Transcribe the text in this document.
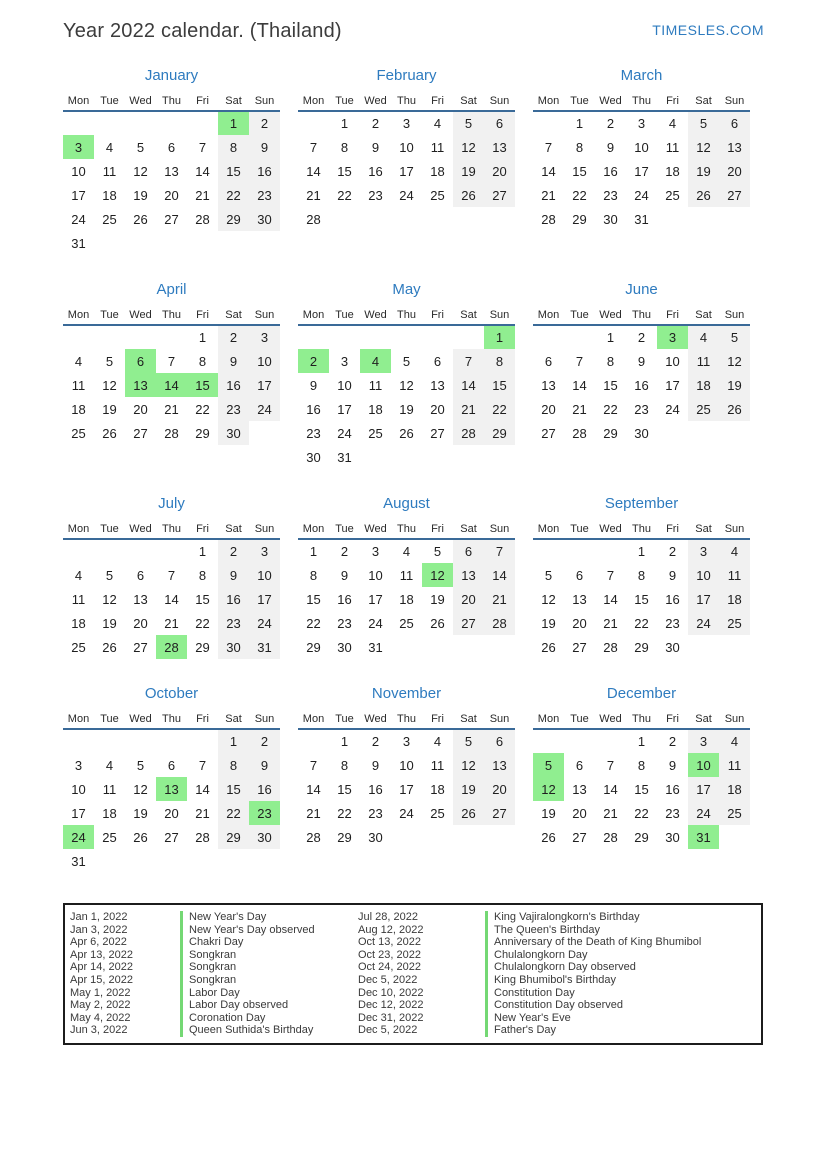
Year 2022 calendar. (Thailand)	TIMESLES.COM
January
Mon	Tue	Wed	Thu	Fri	Sat	Sun
					1	2
3	4	5	6	7	8	9
10	11	12	13	14	15	16
17	18	19	20	21	22	23
24	25	26	27	28	29	30
31						
February
Mon	Tue	Wed	Thu	Fri	Sat	Sun
	1	2	3	4	5	6
7	8	9	10	11	12	13
14	15	16	17	18	19	20
21	22	23	24	25	26	27
28						
March
Mon	Tue	Wed	Thu	Fri	Sat	Sun
	1	2	3	4	5	6
7	8	9	10	11	12	13
14	15	16	17	18	19	20
21	22	23	24	25	26	27
28	29	30	31			
April
Mon	Tue	Wed	Thu	Fri	Sat	Sun
				1	2	3
4	5	6	7	8	9	10
11	12	13	14	15	16	17
18	19	20	21	22	23	24
25	26	27	28	29	30	
May
Mon	Tue	Wed	Thu	Fri	Sat	Sun
						1
2	3	4	5	6	7	8
9	10	11	12	13	14	15
16	17	18	19	20	21	22
23	24	25	26	27	28	29
30	31					
June
Mon	Tue	Wed	Thu	Fri	Sat	Sun
		1	2	3	4	5
6	7	8	9	10	11	12
13	14	15	16	17	18	19
20	21	22	23	24	25	26
27	28	29	30			
July
Mon	Tue	Wed	Thu	Fri	Sat	Sun
				1	2	3
4	5	6	7	8	9	10
11	12	13	14	15	16	17
18	19	20	21	22	23	24
25	26	27	28	29	30	31
August
Mon	Tue	Wed	Thu	Fri	Sat	Sun
1	2	3	4	5	6	7
8	9	10	11	12	13	14
15	16	17	18	19	20	21
22	23	24	25	26	27	28
29	30	31				
September
Mon	Tue	Wed	Thu	Fri	Sat	Sun
			1	2	3	4
5	6	7	8	9	10	11
12	13	14	15	16	17	18
19	20	21	22	23	24	25
26	27	28	29	30		
October
Mon	Tue	Wed	Thu	Fri	Sat	Sun
					1	2
3	4	5	6	7	8	9
10	11	12	13	14	15	16
17	18	19	20	21	22	23
24	25	26	27	28	29	30
31						
November
Mon	Tue	Wed	Thu	Fri	Sat	Sun
	1	2	3	4	5	6
7	8	9	10	11	12	13
14	15	16	17	18	19	20
21	22	23	24	25	26	27
28	29	30				
December
Mon	Tue	Wed	Thu	Fri	Sat	Sun
			1	2	3	4
5	6	7	8	9	10	11
12	13	14	15	16	17	18
19	20	21	22	23	24	25
26	27	28	29	30	31	
Jan 1, 2022	New Year's Day	Jul 28, 2022	King Vajiralongkorn's Birthday
Jan 3, 2022	New Year's Day observed	Aug 12, 2022	The Queen's Birthday
Apr 6, 2022	Chakri Day	Oct 13, 2022	Anniversary of the Death of King Bhumibol
Apr 13, 2022	Songkran	Oct 23, 2022	Chulalongkorn Day
Apr 14, 2022	Songkran	Oct 24, 2022	Chulalongkorn Day observed
Apr 15, 2022	Songkran	Dec 5, 2022	King Bhumibol's Birthday
May 1, 2022	Labor Day	Dec 10, 2022	Constitution Day
May 2, 2022	Labor Day observed	Dec 12, 2022	Constitution Day observed
May 4, 2022	Coronation Day	Dec 31, 2022	New Year's Eve
Jun 3, 2022	Queen Suthida's Birthday	Dec 5, 2022	Father's Day
